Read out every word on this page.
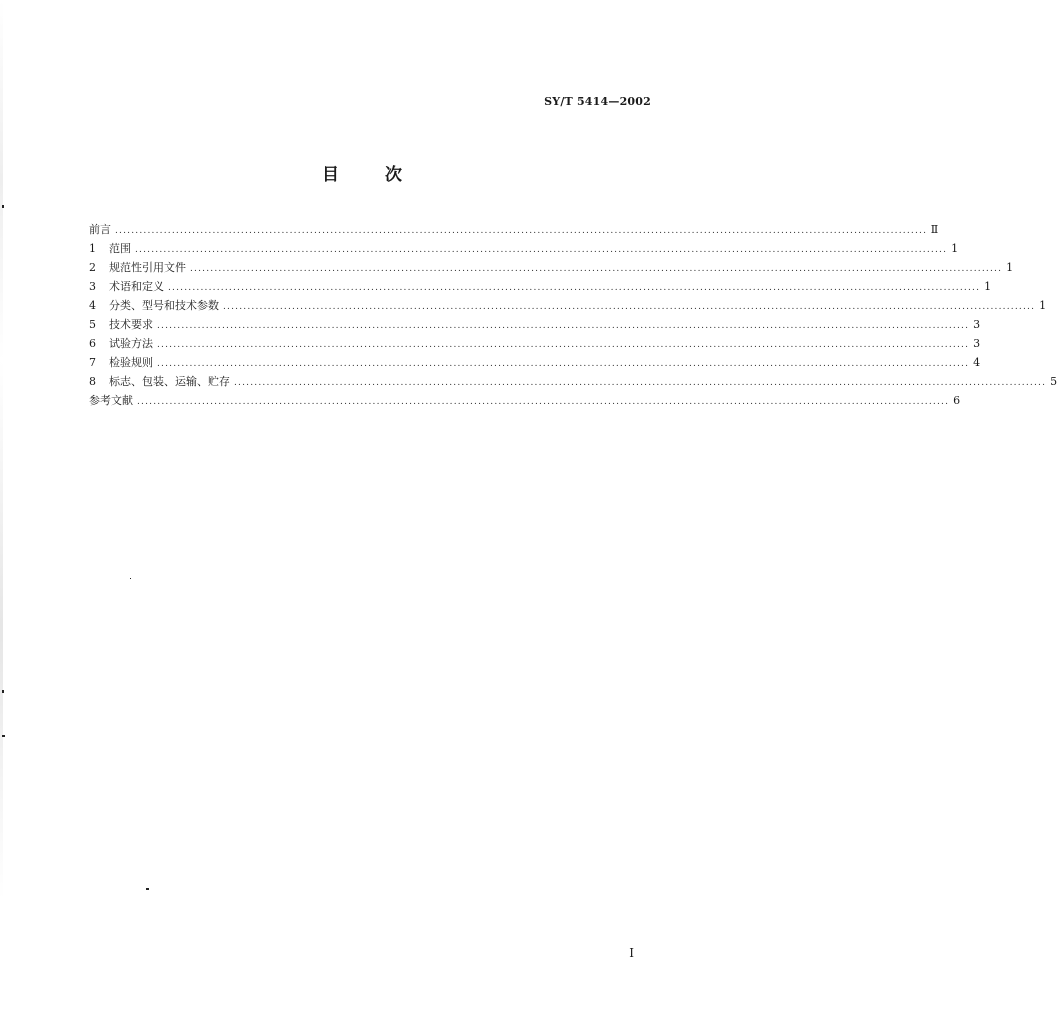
SY/T 5414—2002
目	次
前言 ........................................................................................................................................................................................................ Ⅱ
1	范围 ........................................................................................................................................................................................................ 1
2	规范性引用文件 ........................................................................................................................................................................................................ 1
3	术语和定义 ........................................................................................................................................................................................................ 1
4	分类、型号和技术参数 ........................................................................................................................................................................................................ 1
5	技术要求 ........................................................................................................................................................................................................ 3
6	试验方法 ........................................................................................................................................................................................................ 3
7	检验规则 ........................................................................................................................................................................................................ 4
8	标志、包装、运输、贮存 ........................................................................................................................................................................................................ 5
参考文献 ........................................................................................................................................................................................................ 6
I
